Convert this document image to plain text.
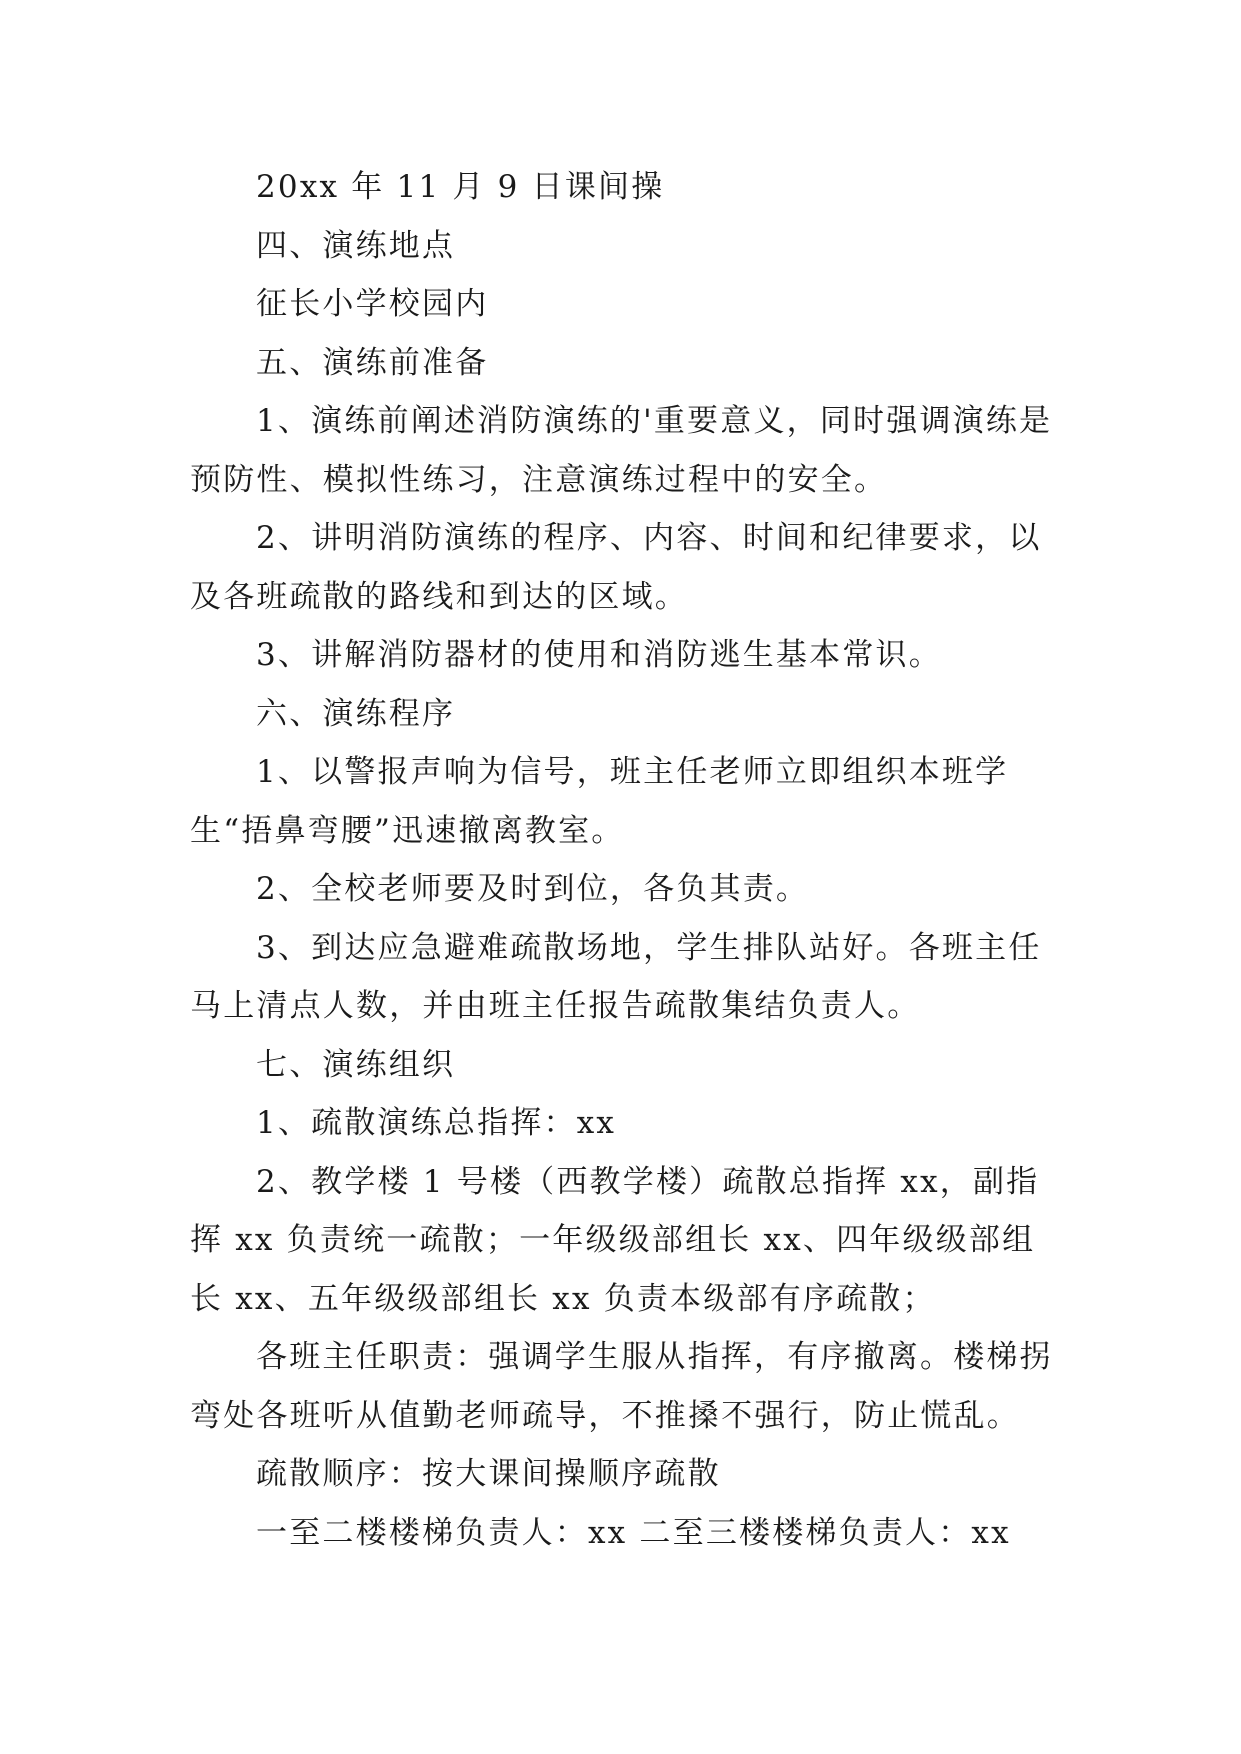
20xx 年 11 月 9 日课间操

四、演练地点

征长小学校园内

五、演练前准备

1、演练前阐述消防演练的'重要意义，同时强调演练是预防性、模拟性练习，注意演练过程中的安全。

2、讲明消防演练的程序、内容、时间和纪律要求，以及各班疏散的路线和到达的区域。

3、讲解消防器材的使用和消防逃生基本常识。

六、演练程序

1、以警报声响为信号，班主任老师立即组织本班学生“捂鼻弯腰”迅速撤离教室。

2、全校老师要及时到位，各负其责。

3、到达应急避难疏散场地，学生排队站好。各班主任马上清点人数，并由班主任报告疏散集结负责人。

七、演练组织

1、疏散演练总指挥：xx

2、教学楼 1 号楼（西教学楼）疏散总指挥 xx，副指挥 xx 负责统一疏散；一年级级部组长 xx、四年级级部组长 xx、五年级级部组长 xx 负责本级部有序疏散；

各班主任职责：强调学生服从指挥，有序撤离。楼梯拐弯处各班听从值勤老师疏导，不推搡不强行，防止慌乱。

疏散顺序：按大课间操顺序疏散

一至二楼楼梯负责人：xx 二至三楼楼梯负责人：xx
